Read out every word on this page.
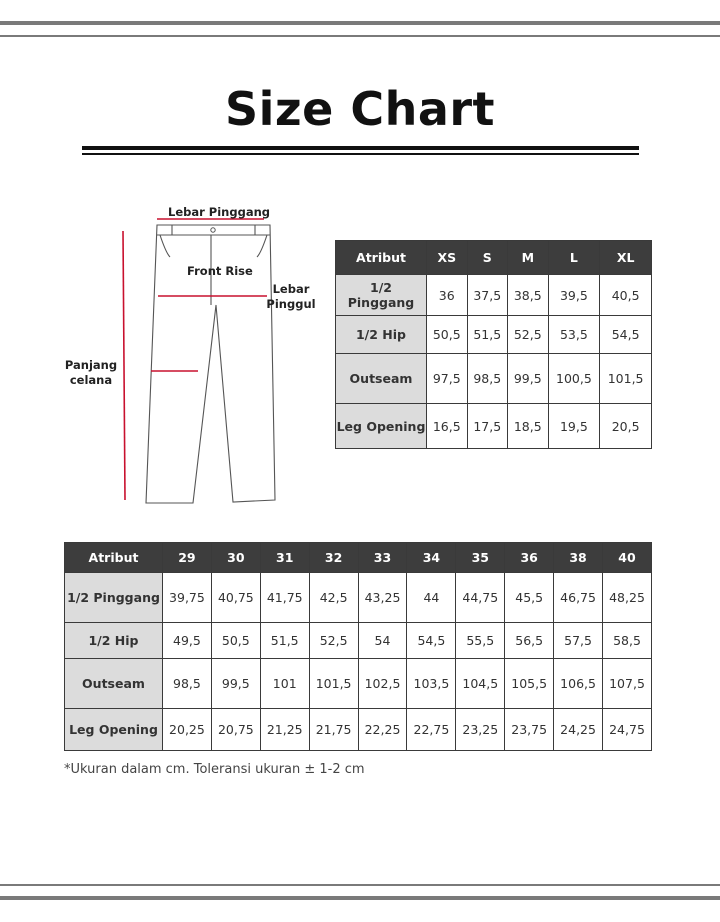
Size Chart
Lebar Pinggang
Front Rise
Lebar Pinggul
Panjang celana
Atribut	XS	S	M	L	XL
1/2 Pinggang	36	37,5	38,5	39,5	40,5
1/2 Hip	50,5	51,5	52,5	53,5	54,5
Outseam	97,5	98,5	99,5	100,5	101,5
Leg Opening	16,5	17,5	18,5	19,5	20,5
Atribut	29	30	31	32	33	34	35	36	38	40
1/2 Pinggang	39,75	40,75	41,75	42,5	43,25	44	44,75	45,5	46,75	48,25
1/2 Hip	49,5	50,5	51,5	52,5	54	54,5	55,5	56,5	57,5	58,5
Outseam	98,5	99,5	101	101,5	102,5	103,5	104,5	105,5	106,5	107,5
Leg Opening	20,25	20,75	21,25	21,75	22,25	22,75	23,25	23,75	24,25	24,75
*Ukuran dalam cm. Toleransi ukuran ± 1-2 cm
